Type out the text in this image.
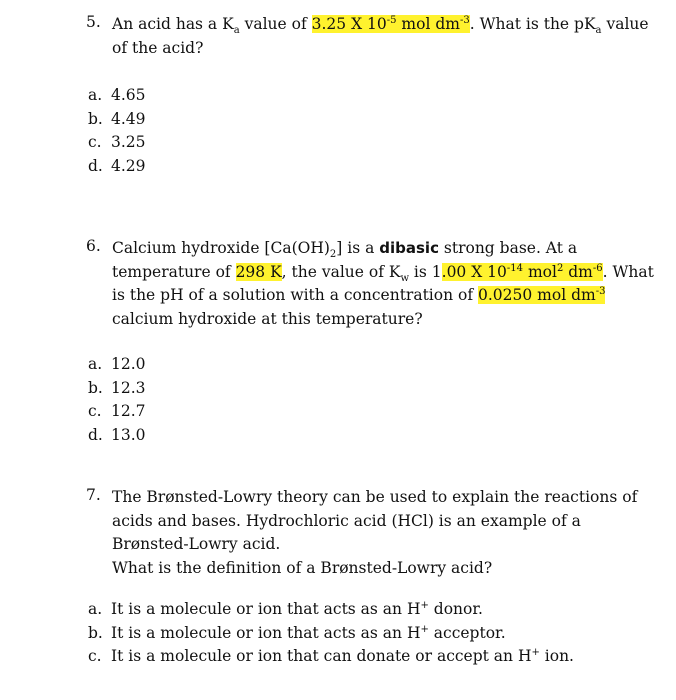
5. An acid has a $K_a$ value of 3.25 X $10^{-5}$ mol $dm^{-3}$. What is the $pK_a$ value of the acid?
a. 4.65
b. 4.49
c. 3.25
d. 4.29
6. Calcium hydroxide $[Ca(OH)_2]$ is a dibasic strong base. At a temperature of 298 K, the value of $K_w$ is 1.00 X $10^{-14}$ mol$^2$ $dm^{-6}$. What is the pH of a solution with a concentration of 0.0250 mol $dm^{-3}$ calcium hydroxide at this temperature?
a. 12.0
b. 12.3
c. 12.7
d. 13.0
7. The Brønsted-Lowry theory can be used to explain the reactions of acids and bases. Hydrochloric acid (HCl) is an example of a Brønsted-Lowry acid.
What is the definition of a Brønsted-Lowry acid?
a. It is a molecule or ion that acts as an H+ donor.
b. It is a molecule or ion that acts as an H+ acceptor.
c. It is a molecule or ion that can donate or accept an H+ ion.
